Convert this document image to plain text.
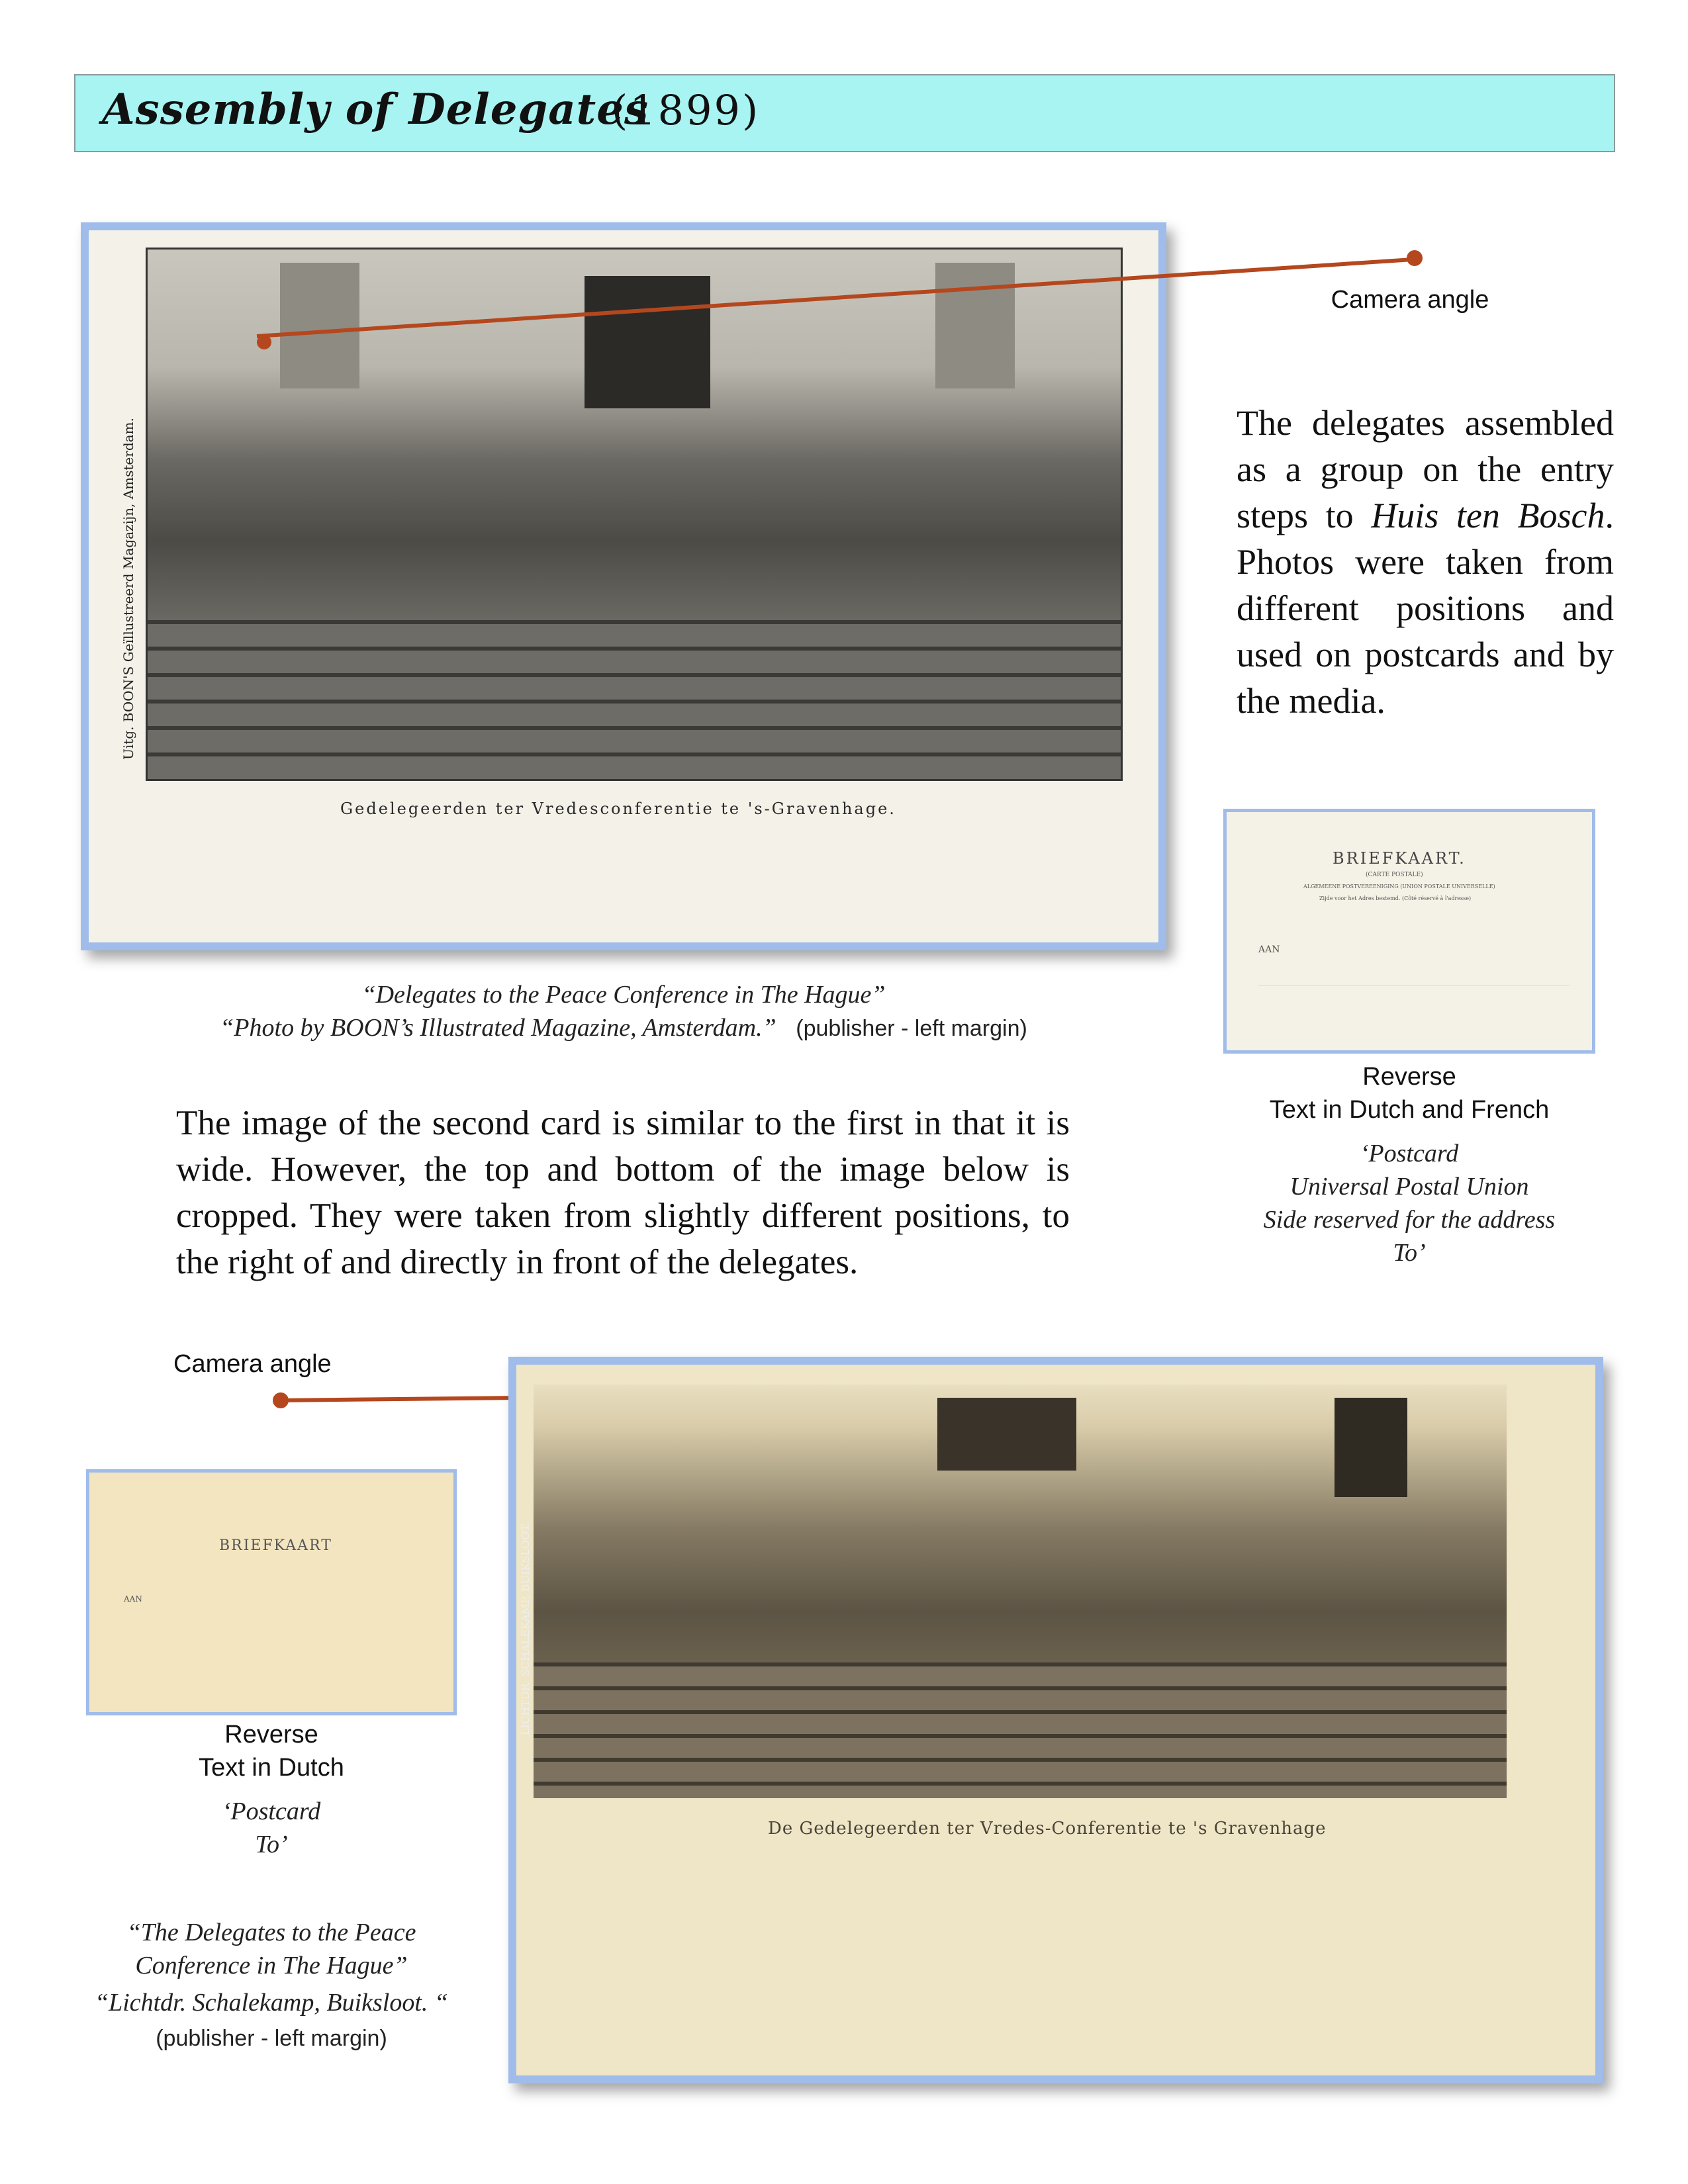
Assembly of Delegates
(1899)
Uitg. BOON'S Geïllustreerd Magazijn, Amsterdam.
Gedelegeerden ter Vredesconferentie te 's-Gravenhage.
Camera angle
The delegates assembled as a group on the entry steps to Huis ten Bosch. Photos were taken from different positions and used on postcards and by the media.
BRIEFKAART.
(CARTE POSTALE)
ALGEMEENE POSTVEREENIGING (UNION POSTALE UNIVERSELLE)
Zijde voor het Adres bestemd. (Côté réservé à l'adresse)
AAN
Reverse
Text in Dutch and French
‘Postcard
Universal Postal Union
Side reserved for the address
To’
“Delegates to the Peace Conference in The Hague”
“Photo by BOON’s Illustrated Magazine, Amsterdam.” (publisher - left margin)
The image of the second card is similar to the first in that it is wide. However, the top and bottom of the image below is cropped. They were taken from slightly different positions, to the right of and directly in front of the delegates.
Camera angle
LICHTDR. SCHALEKAMP, BUIKSLOOT.
De Gedelegeerden ter Vredes-Conferentie te 's Gravenhage
BRIEFKAART
AAN
Reverse
Text in Dutch
‘Postcard
To’
“The Delegates to the Peace
Conference in The Hague”
“Lichtdr. Schalekamp, Buiksloot. “
(publisher - left margin)
